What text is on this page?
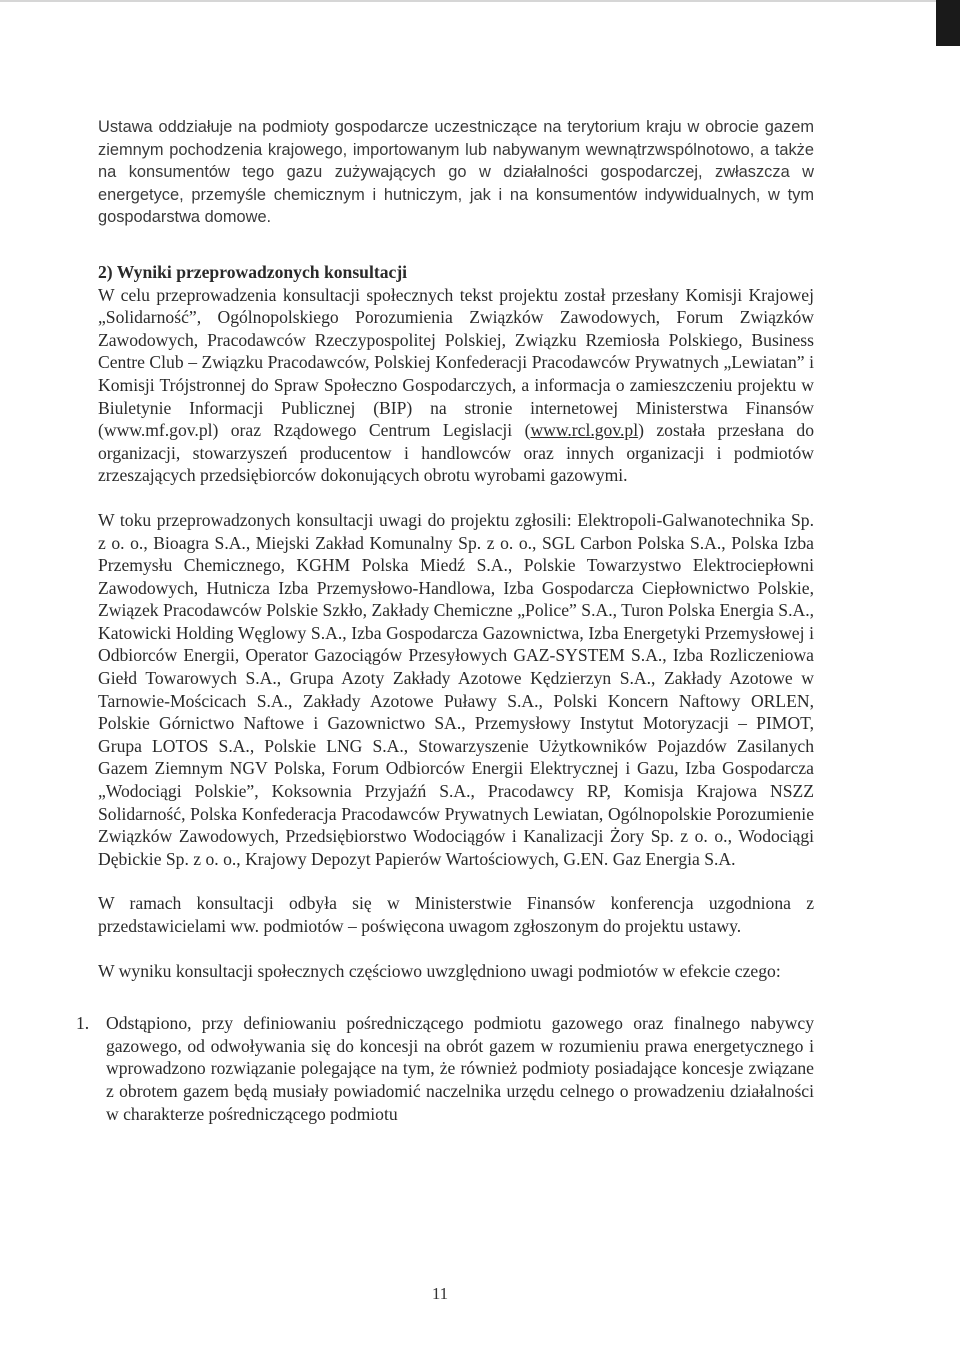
Ustawa oddziałuje na podmioty gospodarcze uczestniczące na terytorium kraju w obrocie gazem ziemnym pochodzenia krajowego, importowanym lub nabywanym wewnątrzwspólnotowo, a także na konsumentów tego gazu zużywających go w działalności gospodarczej, zwłaszcza w energetyce, przemyśle chemicznym i hutniczym, jak i na konsumentów indywidualnych, w tym gospodarstwa domowe.

2) Wyniki przeprowadzonych konsultacji

W celu przeprowadzenia konsultacji społecznych tekst projektu został przesłany Komisji Krajowej „Solidarność”, Ogólnopolskiego Porozumienia Związków Zawodowych, Forum Związków Zawodowych, Pracodawców Rzeczypospolitej Polskiej, Związku Rzemiosła Polskiego, Business Centre Club – Związku Pracodawców, Polskiej Konfederacji Pracodawców Prywatnych „Lewiatan” i Komisji Trójstronnej do Spraw Społeczno Gospodarczych, a informacja o zamieszczeniu projektu w Biuletynie Informacji Publicznej (BIP) na stronie internetowej Ministerstwa Finansów (www.mf.gov.pl) oraz Rządowego Centrum Legislacji (www.rcl.gov.pl) została przesłana do organizacji, stowarzyszeń producentow i handlowców oraz innych organizacji i podmiotów zrzeszających przedsiębiorców dokonujących obrotu wyrobami gazowymi.

W toku przeprowadzonych konsultacji uwagi do projektu zgłosili: Elektropoli-Galwanotechnika Sp. z o. o., Bioagra S.A., Miejski Zakład Komunalny Sp. z o. o., SGL Carbon Polska S.A., Polska Izba Przemysłu Chemicznego, KGHM Polska Miedź S.A., Polskie Towarzystwo Elektrociepłowni Zawodowych, Hutnicza Izba Przemysłowo-Handlowa, Izba Gospodarcza Ciepłownictwo Polskie, Związek Pracodawców Polskie Szkło, Zakłady Chemiczne „Police” S.A., Turon Polska Energia S.A., Katowicki Holding Węglowy S.A., Izba Gospodarcza Gazownictwa, Izba Energetyki Przemysłowej i Odbiorców Energii, Operator Gazociągów Przesyłowych GAZ-SYSTEM S.A., Izba Rozliczeniowa Giełd Towarowych S.A., Grupa Azoty Zakłady Azotowe Kędzierzyn S.A., Zakłady Azotowe w Tarnowie-Mościcach S.A., Zakłady Azotowe Puławy S.A., Polski Koncern Naftowy ORLEN, Polskie Górnictwo Naftowe i Gazownictwo SA., Przemysłowy Instytut Motoryzacji – PIMOT, Grupa LOTOS S.A., Polskie LNG S.A., Stowarzyszenie Użytkowników Pojazdów Zasilanych Gazem Ziemnym NGV Polska, Forum Odbiorców Energii Elektrycznej i Gazu, Izba Gospodarcza „Wodociągi Polskie”, Koksownia Przyjaźń S.A., Pracodawcy RP, Komisja Krajowa NSZZ Solidarność, Polska Konfederacja Pracodawców Prywatnych Lewiatan, Ogólnopolskie Porozumienie Związków Zawodowych, Przedsiębiorstwo Wodociągów i Kanalizacji Żory Sp. z o. o., Wodociągi Dębickie Sp. z o. o., Krajowy Depozyt Papierów Wartościowych, G.EN. Gaz Energia S.A.

W ramach konsultacji odbyła się w Ministerstwie Finansów konferencja uzgodniona z przedstawicielami ww. podmiotów – poświęcona uwagom zgłoszonym do projektu ustawy.

W wyniku konsultacji społecznych częściowo uwzględniono uwagi podmiotów w efekcie czego:

1. Odstąpiono, przy definiowaniu pośredniczącego podmiotu gazowego oraz finalnego nabywcy gazowego, od odwoływania się do koncesji na obrót gazem w rozumieniu prawa energetycznego i wprowadzono rozwiązanie polegające na tym, że również podmioty posiadające koncesje związane z obrotem gazem będą musiały powiadomić naczelnika urzędu celnego o prowadzeniu działalności w charakterze pośredniczącego podmiotu
11
